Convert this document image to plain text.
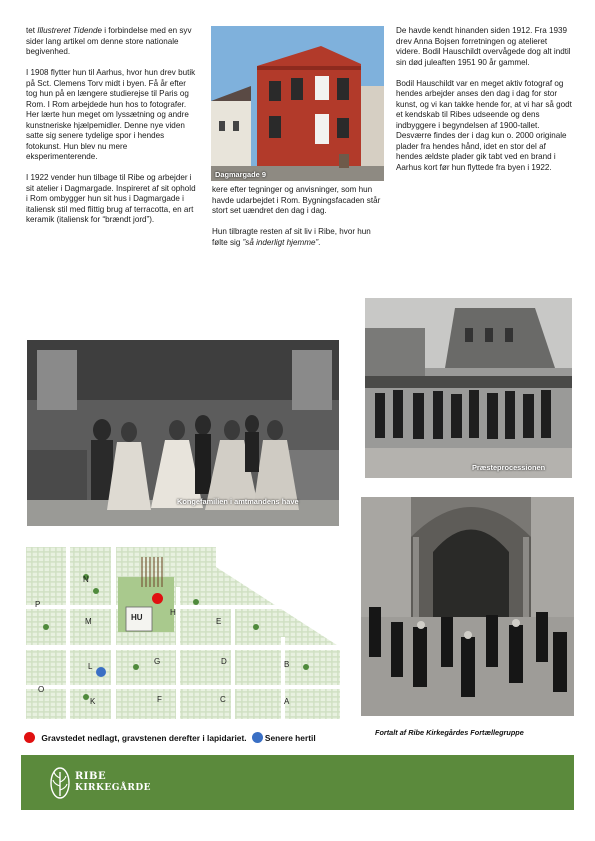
tet Illustreret Tidende i forbindelse med en syv sider lang artikel om denne store nationale begivenhed.

I 1908 flytter hun til Aarhus, hvor hun drev butik på Sct. Clemens Torv midt i byen. Få år efter tog hun på en længere studierejse til Paris og Rom. I Rom arbejdede hun hos to fotografer. Her lærte hun meget om lyssætning og andre kunstneriske hjælpemidler. Denne nye viden satte sig senere tydelige spor i hendes fotokunst. Hun blev nu mere eksperimenterende.

I 1922 vender hun tilbage til Ribe og arbejder i sit atelier i Dagmargade. Inspireret af sit ophold i Rom ombygger hun sit hus i Dagmargade i italiensk stil med flittig brug af terracotta, en art keramik (italiensk for “brændt jord”).

Dagmargade 9

kere efter tegninger og anvisninger, som hun havde udarbejdet i Rom. Bygningsfacaden står stort set uændret den dag i dag.

Hun tilbragte resten af sit liv i Ribe, hvor hun følte sig ”så inderligt hjemme”.

De havde kendt hinanden siden 1912. Fra 1939 drev Anna Bojsen forretningen og atelieret videre. Bodil Hauschildt overvågede dog alt indtil sin død juleaften 1951 90 år gammel.

Bodil Hauschildt var en meget aktiv fotograf og hendes arbejder anses den dag i dag for stor kunst, og vi kan takke hende for, at vi har så godt et kendskab til Ribes udseende og dens indbyggere i begyndelsen af 1900-tallet. Desværre findes der i dag kun o. 2000 originale plader fra hendes hånd, idet en stor del af hendes ældste plader gik tabt ved en brand i Aarhus kort før hun flyttede fra byen i 1922.

Kongefamilien i amtmandens have
Præsteprocessionen
N
P
M	HU
H
E
L
G	D	B
O
K	F	C	A
Gravstedet nedlagt, gravstenen derefter i lapidariet. Senere hertil
Fortalt af Ribe Kirkegårdes Fortællegruppe
RIBE
KIRKEGÅRDE
